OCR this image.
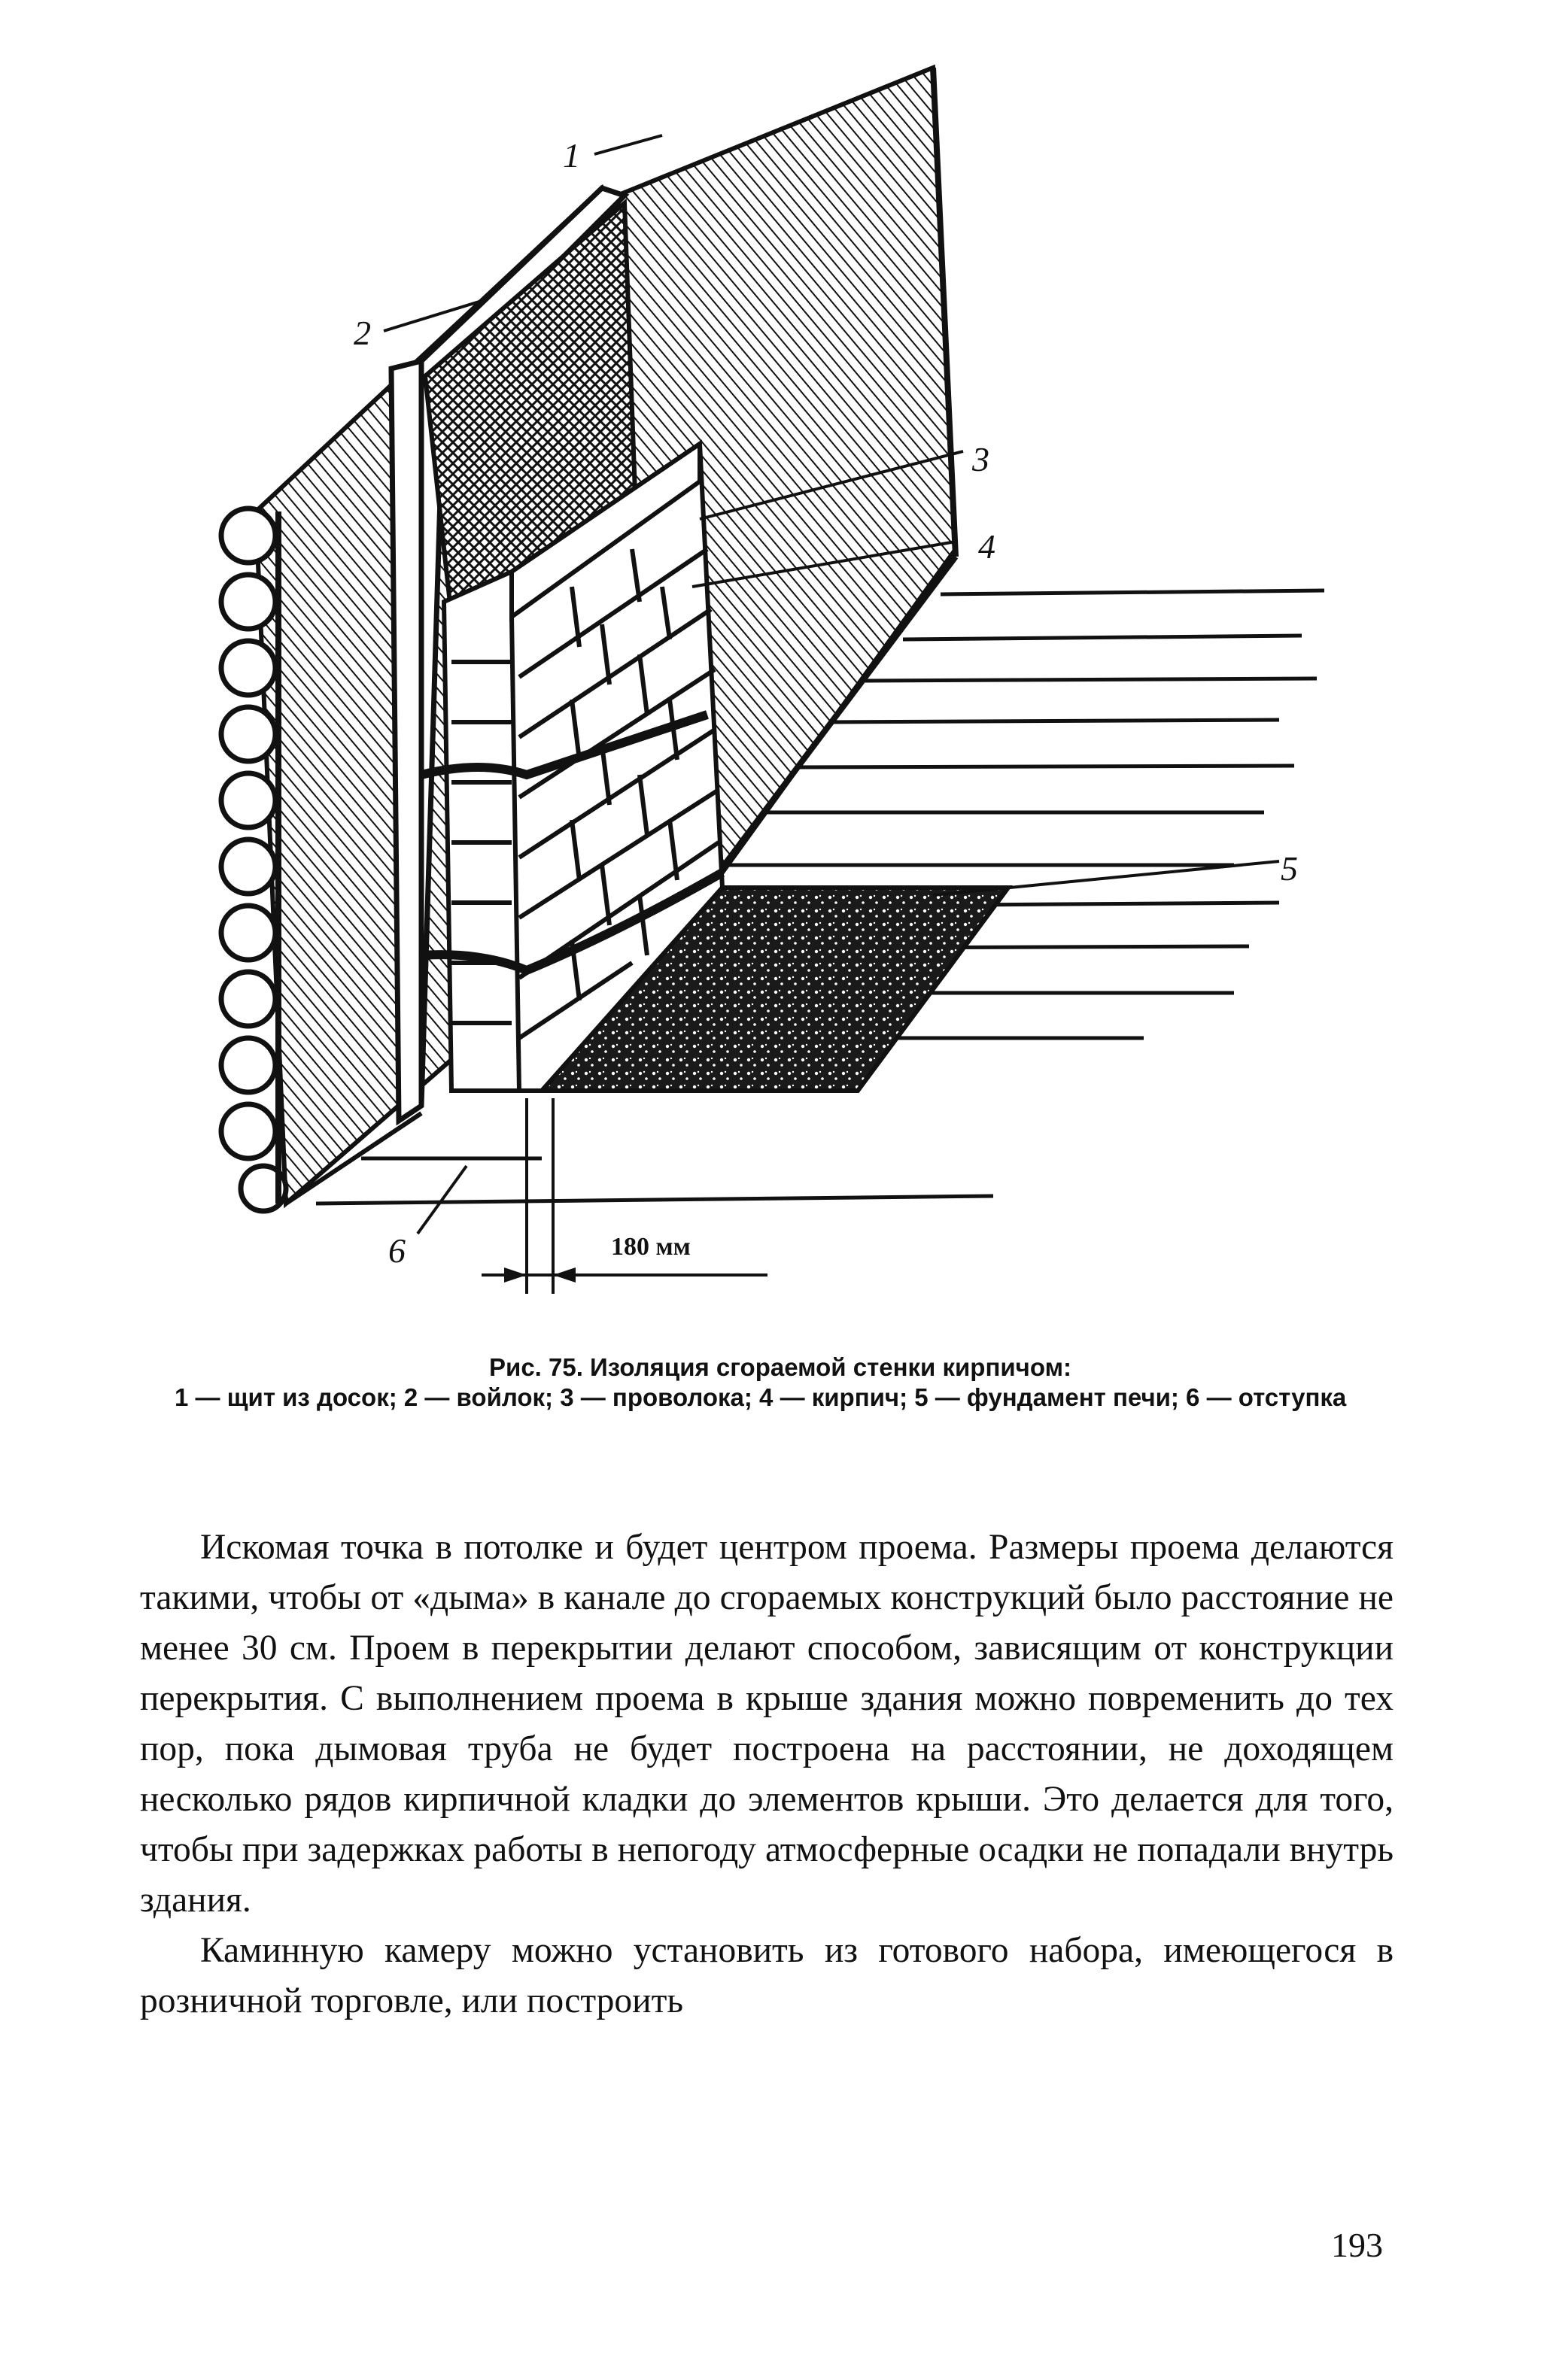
1
2
3
4
5
6	180 мм
Рис. 75. Изоляция сгораемой стенки кирпичом:
1 — щит из досок; 2 — войлок; 3 — проволока; 4 — кирпич; 5 — фундамент печи; 6 — отступка

Искомая точка в потолке и будет центром проема. Размеры проема делаются такими, чтобы от «дыма» в канале до сгораемых конструкций было расстояние не менее 30 см. Проем в перекрытии делают способом, зависящим от конструкции перекрытия. С выполнением проема в крыше здания можно повременить до тех пор, пока дымовая труба не будет построена на расстоянии, не доходящем несколько рядов кирпичной кладки до элементов крыши. Это делается для того, чтобы при задержках работы в непогоду атмосферные осадки не попадали внутрь здания.

Каминную камеру можно установить из готового набора, имеющегося в розничной торговле, или построить

193
